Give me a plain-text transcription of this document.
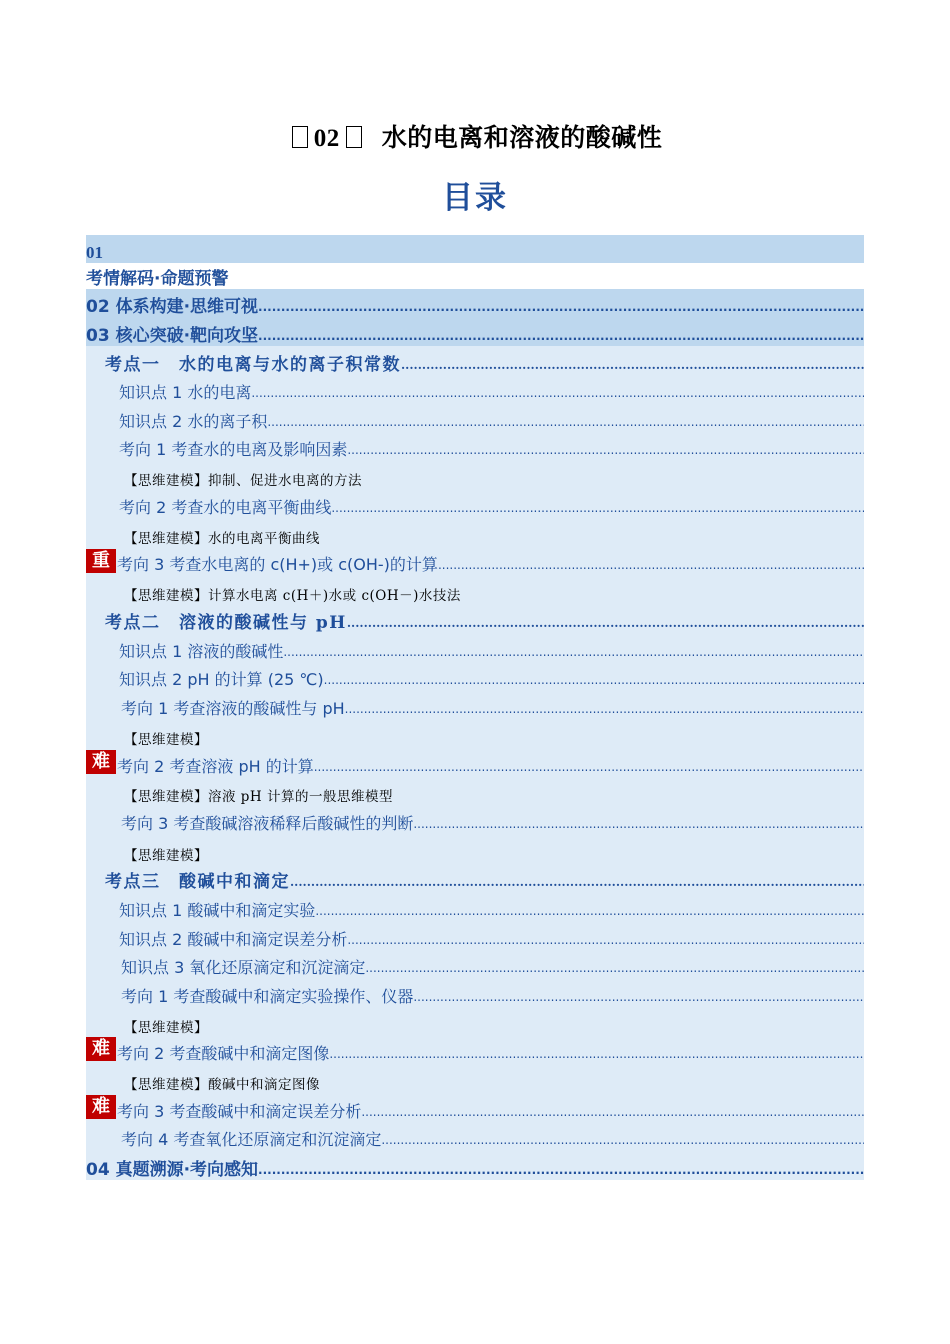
02 水的电离和溶液的酸碱性
目录
01
考情解码·命题预警
02 体系构建·思维可视
.....
03 核心突破·靶向攻坚
.....
考点一　水的电离与水的离子积常数
.....
知识点 1 水的电离
.....
知识点 2 水的离子积
.....
考向 1 考查水的电离及影响因素
.....
【思维建模】抑制、促进水电离的方法
考向 2 考查水的电离平衡曲线
.....
【思维建模】水的电离平衡曲线
重 考向 3 考查水电离的 c(H+)或 c(OH-)的计算
.....
【思维建模】计算水电离 c(H＋)水或 c(OH－)水技法
考点二　溶液的酸碱性与 pH
.....
知识点 1 溶液的酸碱性
.....
知识点 2 pH 的计算 (25 ℃)
.....
考向 1 考查溶液的酸碱性与 pH
.....
【思维建模】
难 考向 2 考查溶液 pH 的计算
.....
【思维建模】溶液 pH 计算的一般思维模型
考向 3 考查酸碱溶液稀释后酸碱性的判断
.....
【思维建模】
考点三　酸碱中和滴定
.....
知识点 1 酸碱中和滴定实验
.....
知识点 2 酸碱中和滴定误差分析
.....
知识点 3 氧化还原滴定和沉淀滴定
.....
考向 1 考查酸碱中和滴定实验操作、仪器
.....
【思维建模】
难 考向 2 考查酸碱中和滴定图像
.....
【思维建模】酸碱中和滴定图像
难 考向 3 考查酸碱中和滴定误差分析
.....
考向 4 考查氧化还原滴定和沉淀滴定
.....
04 真题溯源·考向感知
.....
